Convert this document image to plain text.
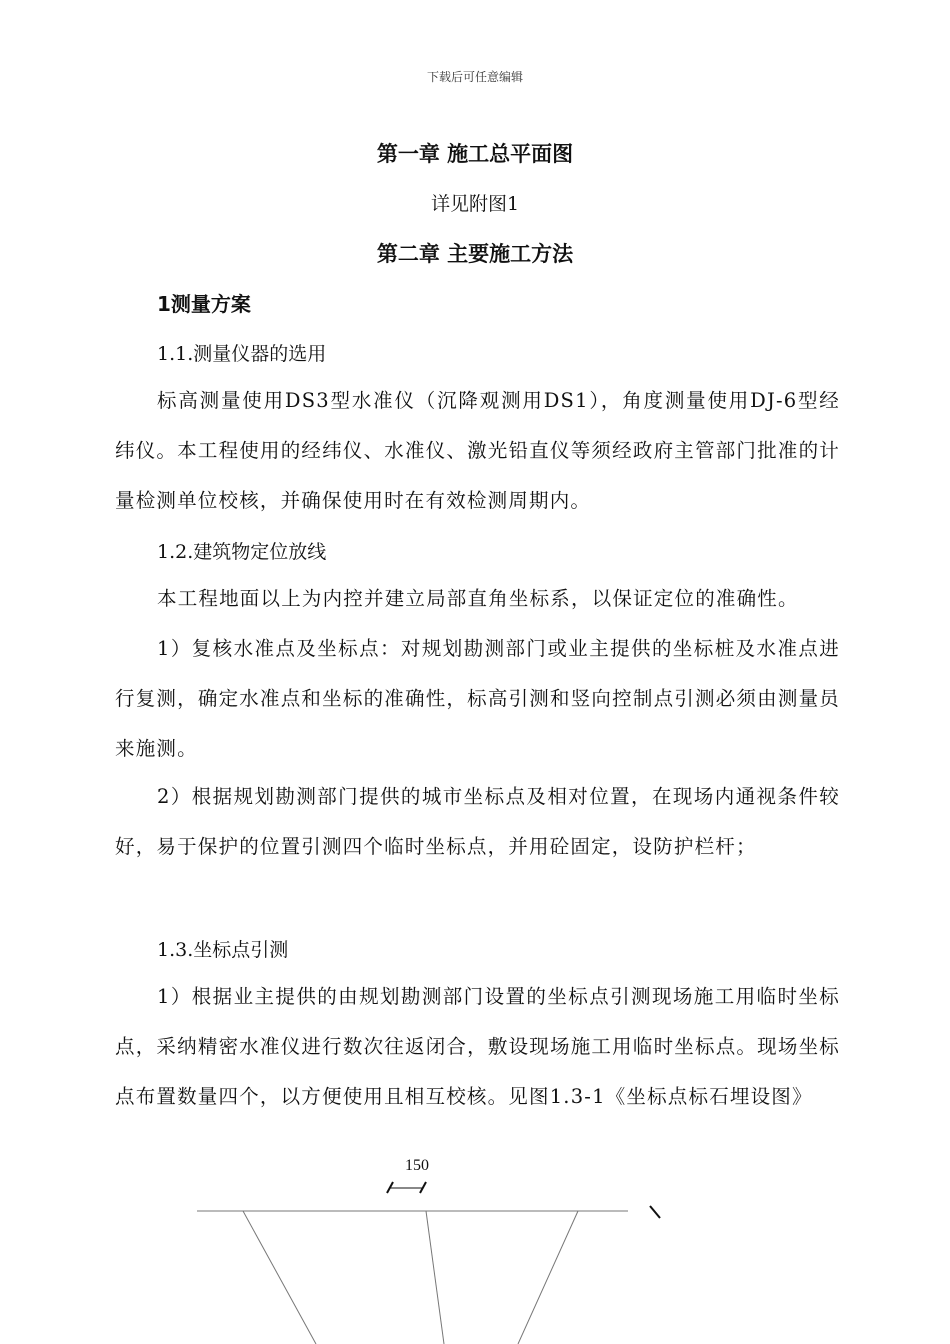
下载后可任意编辑
第一章 施工总平面图
详见附图1
第二章 主要施工方法
1测量方案
1.1.测量仪器的选用

标高测量使用DS3型水准仪（沉降观测用DS1），角度测量使用DJ-6型经纬仪。本工程使用的经纬仪、水准仪、激光铅直仪等须经政府主管部门批准的计量检测单位校核，并确保使用时在有效检测周期内。

1.2.建筑物定位放线

本工程地面以上为内控并建立局部直角坐标系，以保证定位的准确性。

1）复核水准点及坐标点：对规划勘测部门或业主提供的坐标桩及水准点进行复测，确定水准点和坐标的准确性，标高引测和竖向控制点引测必须由测量员来施测。

2）根据规划勘测部门提供的城市坐标点及相对位置，在现场内通视条件较好，易于保护的位置引测四个临时坐标点，并用砼固定，设防护栏杆；

1.3.坐标点引测

1）根据业主提供的由规划勘测部门设置的坐标点引测现场施工用临时坐标点，采纳精密水准仪进行数次往返闭合，敷设现场施工用临时坐标点。现场坐标点布置数量四个，以方便使用且相互校核。见图1.3-1《坐标点标石埋设图》

150
